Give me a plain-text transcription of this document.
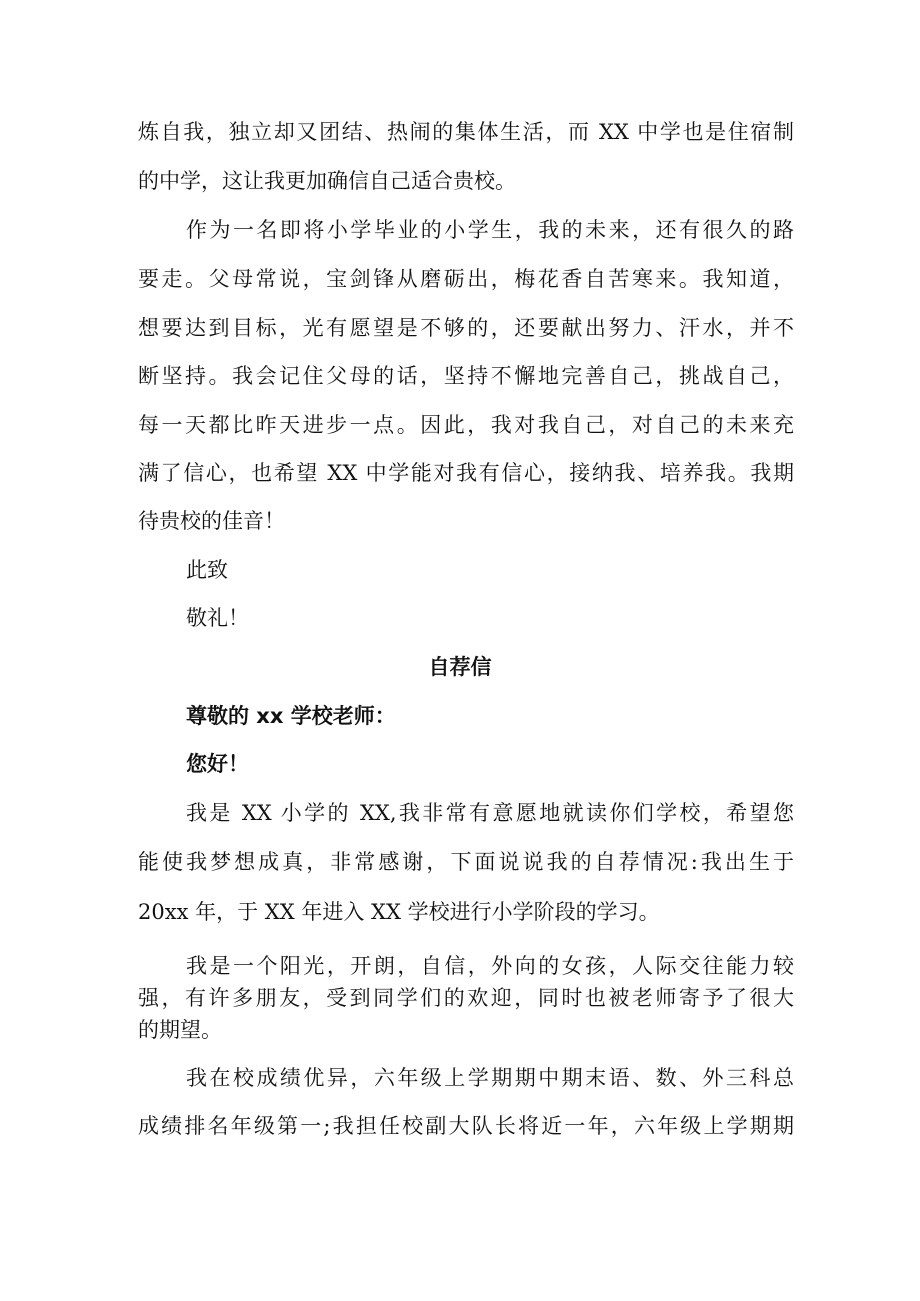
炼自我，独立却又团结、热闹的集体生活，而 XX 中学也是住宿制
的中学，这让我更加确信自己适合贵校。
作为一名即将小学毕业的小学生，我的未来，还有很久的路
要走。父母常说，宝剑锋从磨砺出，梅花香自苦寒来。我知道，
想要达到目标，光有愿望是不够的，还要献出努力、汗水，并不
断坚持。我会记住父母的话，坚持不懈地完善自己，挑战自己，
每一天都比昨天进步一点。因此，我对我自己，对自己的未来充
满了信心，也希望 XX 中学能对我有信心，接纳我、培养我。我期
待贵校的佳音！
此致
敬礼！
自荐信
尊敬的 xx 学校老师：
您好！
我是 XX 小学的 XX,我非常有意愿地就读你们学校，希望您
能使我梦想成真，非常感谢，下面说说我的自荐情况:我出生于
20xx 年，于 XX 年进入 XX 学校进行小学阶段的学习。
我是一个阳光，开朗，自信，外向的女孩，人际交往能力较
强，有许多朋友，受到同学们的欢迎，同时也被老师寄予了很大
的期望。
我在校成绩优异，六年级上学期期中期末语、数、外三科总
成绩排名年级第一;我担任校副大队长将近一年，六年级上学期期
